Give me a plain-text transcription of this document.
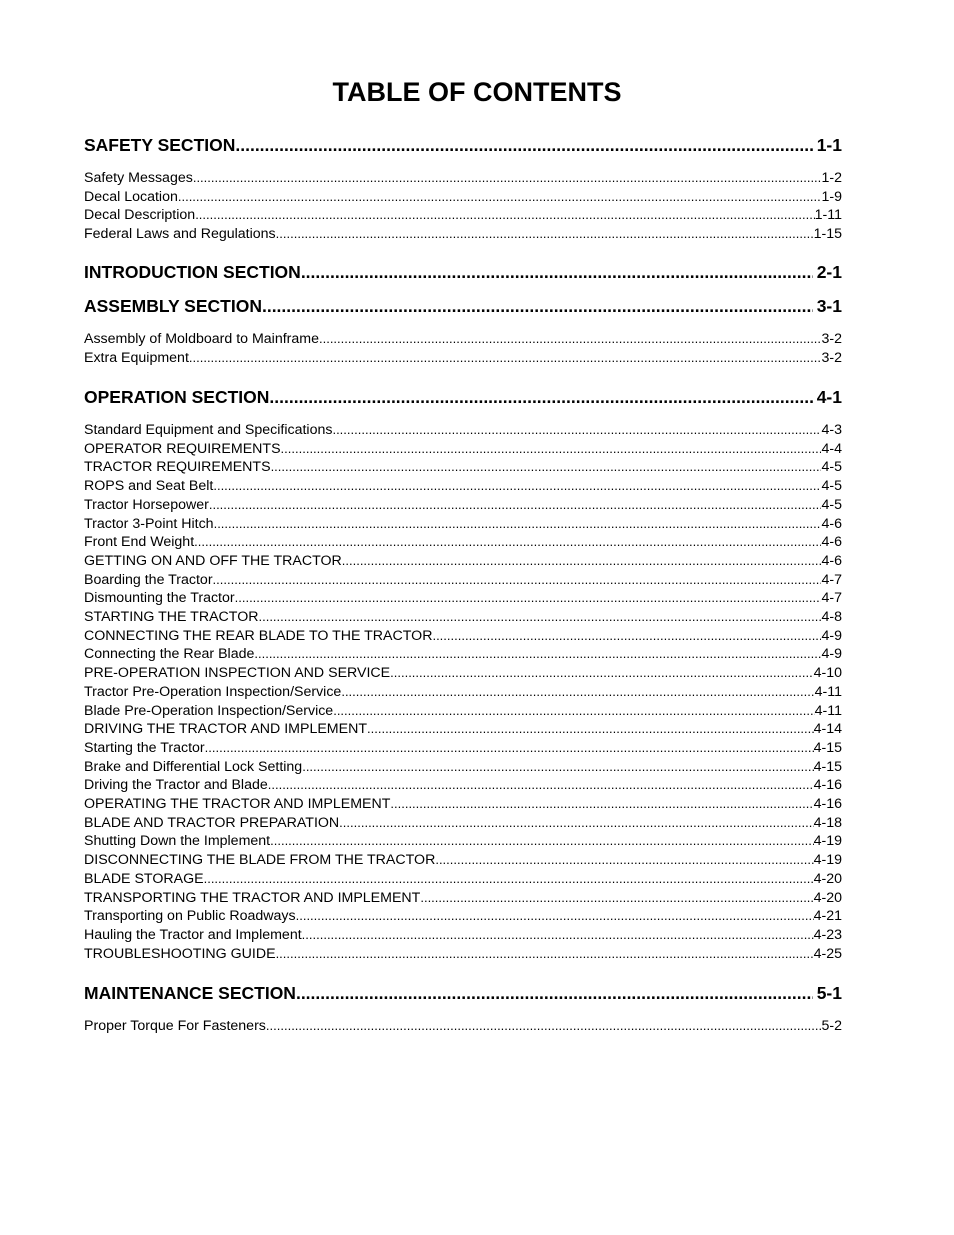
TABLE OF CONTENTS
SAFETY SECTION .....	1-1
Safety Messages .....	1-2
Decal Location .....	1-9
Decal Description .....	1-11
Federal Laws and Regulations .....	1-15
INTRODUCTION SECTION .....	2-1
ASSEMBLY SECTION .....	3-1
Assembly of Moldboard to Mainframe .....	3-2
Extra Equipment .....	3-2
OPERATION SECTION .....	4-1
Standard Equipment and Specifications .....	4-3
OPERATOR REQUIREMENTS .....	4-4
TRACTOR REQUIREMENTS .....	4-5
ROPS and Seat Belt .....	4-5
Tractor Horsepower .....	4-5
Tractor 3-Point Hitch .....	4-6
Front End Weight .....	4-6
GETTING ON AND OFF THE TRACTOR .....	4-6
Boarding the Tractor .....	4-7
Dismounting the Tractor .....	4-7
STARTING THE TRACTOR .....	4-8
CONNECTING THE REAR BLADE TO THE TRACTOR .....	4-9
Connecting the Rear Blade .....	4-9
PRE-OPERATION INSPECTION AND SERVICE .....	4-10
Tractor Pre-Operation Inspection/Service .....	4-11
Blade Pre-Operation Inspection/Service .....	4-11
DRIVING THE TRACTOR AND IMPLEMENT .....	4-14
Starting the Tractor .....	4-15
Brake and Differential Lock Setting .....	4-15
Driving the Tractor and Blade .....	4-16
OPERATING THE TRACTOR AND IMPLEMENT .....	4-16
BLADE AND TRACTOR PREPARATION .....	4-18
Shutting Down the Implement .....	4-19
DISCONNECTING THE BLADE FROM THE TRACTOR .....	4-19
BLADE STORAGE .....	4-20
TRANSPORTING THE TRACTOR AND IMPLEMENT .....	4-20
Transporting on Public Roadways .....	4-21
Hauling the Tractor and Implement .....	4-23
TROUBLESHOOTING GUIDE .....	4-25
MAINTENANCE SECTION .....	5-1
Proper Torque For Fasteners .....	5-2
